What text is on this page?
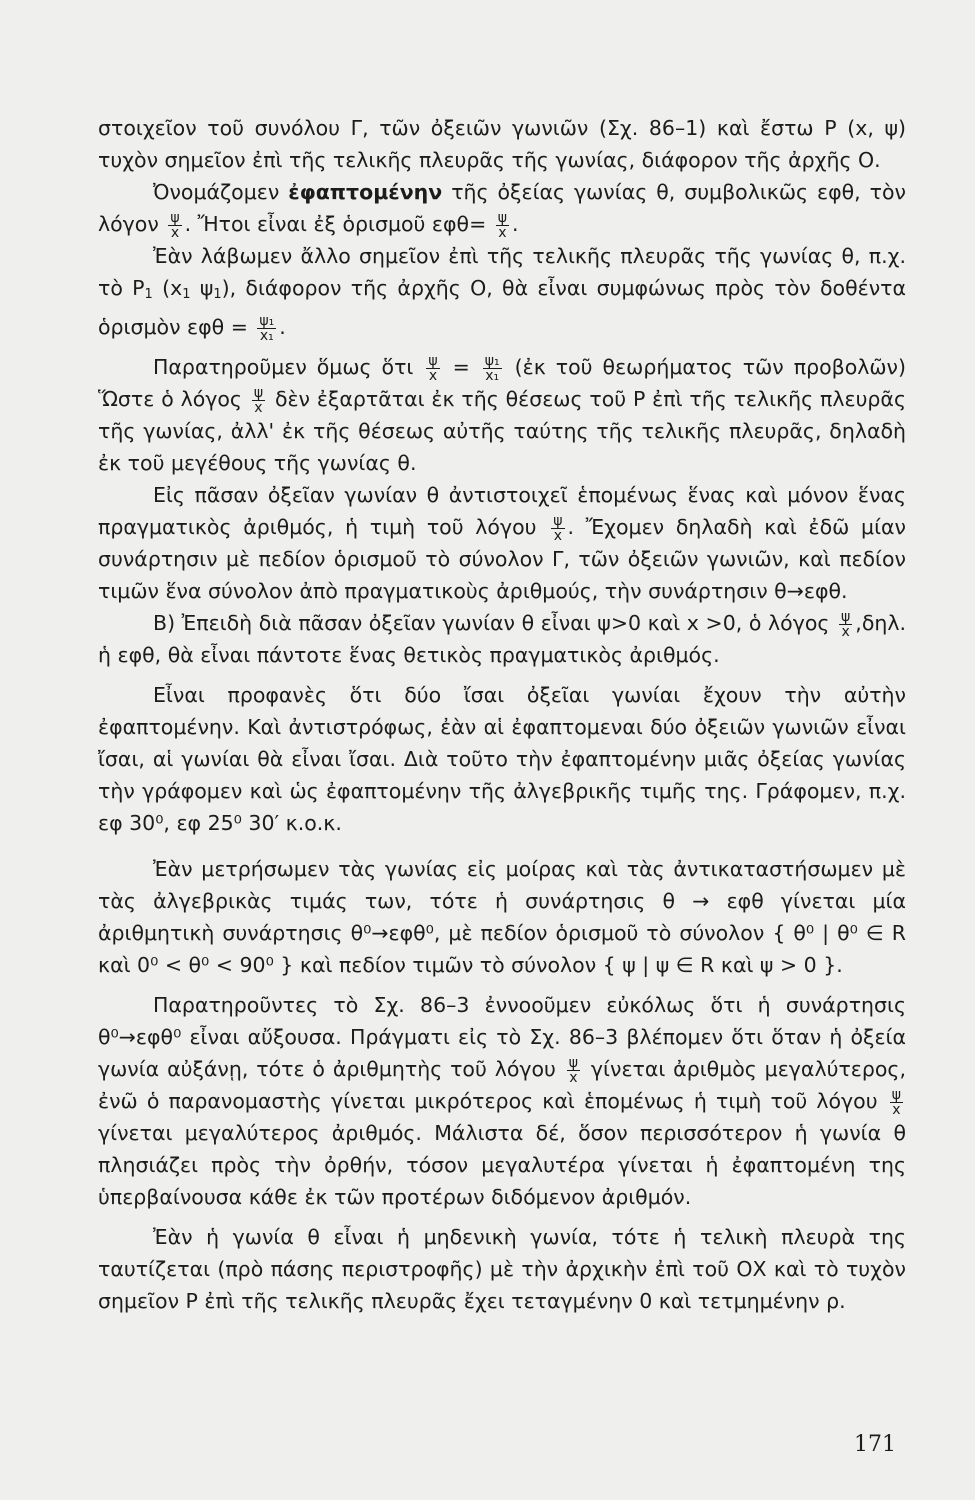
στοιχεῖον τοῦ συνόλου Γ, τῶν ὀξειῶν γωνιῶν (Σχ. 86–1) καὶ ἔστω Ρ (x, ψ) τυχὸν σημεῖον ἐπὶ τῆς τελικῆς πλευρᾶς τῆς γωνίας, διάφορον τῆς ἀρχῆς Ο.

Ὀνομάζομεν ἐφαπτομένην τῆς ὀξείας γωνίας θ, συμβολικῶς εφθ, τὸν λόγον $\frac{\psi}{x}$ . Ἤτοι εἶναι ἐξ ὁρισμοῦ $\varepsilon\varphi\theta= \frac{\psi}{x}$ .

Ἐὰν λάβωμεν ἄλλο σημεῖον ἐπὶ τῆς τελικῆς πλευρᾶς τῆς γωνίας θ, π.χ. τὸ $P_1$ ($x_1$ $\psi_1$), διάφορον τῆς ἀρχῆς Ο, θὰ εἶναι συμφώνως πρὸς τὸν δοθέντα ὁρισμὸν $\varepsilon\varphi\theta = \frac{\text{ψ₁}}{\text{x₁}}$ .

Παρατηροῦμεν ὅμως ὅτι $\frac{\psi}{x} = \frac{\text{ψ₁}}{\text{x₁}}$ (ἐκ τοῦ θεωρήματος τῶν προβολῶν) Ὥστε ὁ λόγος $\frac{\psi}{x}$ δὲν ἐξαρτᾶται ἐκ τῆς θέσεως τοῦ Ρ ἐπὶ τῆς τελικῆς πλευρᾶς τῆς γωνίας, ἀλλ' ἐκ τῆς θέσεως αὐτῆς ταύτης τῆς τελικῆς πλευρᾶς, δηλαδὴ ἐκ τοῦ μεγέθους τῆς γωνίας θ.

Εἰς πᾶσαν ὀξεῖαν γωνίαν θ ἀντιστοιχεῖ ἑπομένως ἕνας καὶ μόνον ἕνας πραγματικὸς ἀριθμός, ἡ τιμὴ τοῦ λόγου $\frac{\psi}{x}$ . Ἔχομεν δηλαδὴ καὶ ἐδῶ μίαν συνάρτησιν μὲ πεδίον ὁρισμοῦ τὸ σύνολον Γ, τῶν ὀξειῶν γωνιῶν, καὶ πεδίον τιμῶν ἕνα σύνολον ἀπὸ πραγματικοὺς ἀριθμούς, τὴν συνάρτησιν θ→εφθ.

Β) Ἐπειδὴ διὰ πᾶσαν ὀξεῖαν γωνίαν θ εἶναι ψ>0 καὶ x >0, ὁ λόγος $\frac{\psi}{x} ,\delta\eta\lambda$. ἡ εφθ, θὰ εἶναι πάντοτε ἕνας θετικὸς πραγματικὸς ἀριθμός.

Εἶναι προφανὲς ὅτι δύο ἴσαι ὀξεῖαι γωνίαι ἔχουν τὴν αὐτὴν ἐφαπτομένην. Καὶ ἀντιστρόφως, ἐὰν αἱ ἐφαπτομεναι δύο ὀξειῶν γωνιῶν εἶναι ἴσαι, αἱ γωνίαι θὰ εἶναι ἴσαι. Διὰ τοῦτο τὴν ἐφαπτομένην μιᾶς ὀξείας γωνίας τὴν γράφομεν καὶ ὡς ἐφαπτομένην τῆς ἀλγεβρικῆς τιμῆς της. Γράφομεν, π.χ. εφ 30⁰, εφ 25⁰ 30′ κ.ο.κ.

Ἐὰν μετρήσωμεν τὰς γωνίας εἰς μοίρας καὶ τὰς ἀντικαταστήσωμεν μὲ τὰς ἀλγεβρικὰς τιμάς των, τότε ἡ συνάρτησις θ → εφθ γίνεται μία ἀριθμητικὴ συνάρτησις θ⁰→εφθ⁰, μὲ πεδίον ὁρισμοῦ τὸ σύνολον { θ⁰ | θ⁰ ∈ R καὶ 0⁰ < θ⁰ < 90⁰ } καὶ πεδίον τιμῶν τὸ σύνολον { ψ | ψ ∈ R καὶ ψ > 0 }.

Παρατηροῦντες τὸ Σχ. 86–3 ἐννοοῦμεν εὐκόλως ὅτι ἡ συνάρτησις θ⁰→εφθ⁰ εἶναι αὔξουσα. Πράγματι εἰς τὸ Σχ. 86–3 βλέπομεν ὅτι ὅταν ἡ ὀξεία γωνία αὐξάνῃ, τότε ὁ ἀριθμητὴς τοῦ λόγου $\frac{\psi}{x}$ γίνεται ἀριθμὸς μεγαλύτερος, ἐνῶ ὁ παρανομαστὴς γίνεται μικρότερος καὶ ἑπομένως ἡ τιμὴ τοῦ λόγου $\frac{\psi}{x}$
γίνεται μεγαλύτερος ἀριθμός. Μάλιστα δέ, ὅσον περισσότερον ἡ γωνία θ πλησιάζει πρὸς τὴν ὀρθήν, τόσον μεγαλυτέρα γίνεται ἡ ἐφαπτομένη της ὑπερβαίνουσα κάθε ἐκ τῶν προτέρων διδόμενον ἀριθμόν.

Ἐὰν ἡ γωνία θ εἶναι ἡ μηδενικὴ γωνία, τότε ἡ τελικὴ πλευρὰ της ταυτίζεται (πρὸ πάσης περιστροφῆς) μὲ τὴν ἀρχικὴν ἐπὶ τοῦ ΟΧ καὶ τὸ τυχὸν σημεῖον Ρ ἐπὶ τῆς τελικῆς πλευρᾶς ἔχει τεταγμένην 0 καὶ τετμημένην ρ.

171
